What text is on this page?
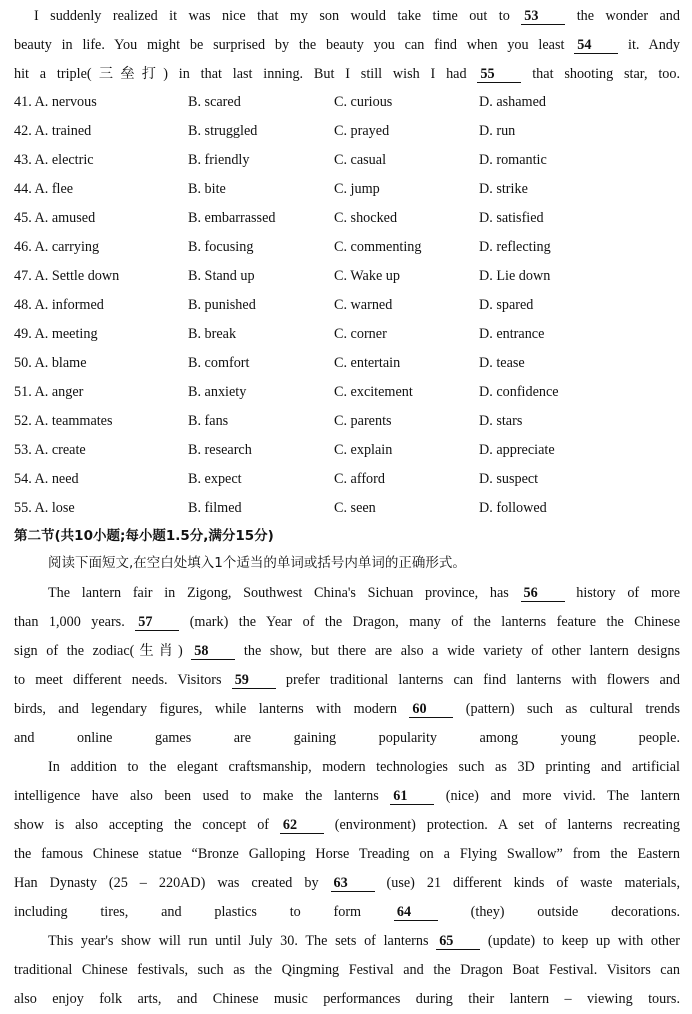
I suddenly realized it was nice that my son would take time out to 53	the wonder and
beauty in life. You might be surprised by the beauty you can find when you least 54	it. Andy
hit a triple(三垒打) in that last inning. But I still wish I had 55	that shooting star, too.
41. A. nervous	B. scared	C. curious	D. ashamed
42. A. trained	B. struggled	C. prayed	D. run
43. A. electric	B. friendly	C. casual	D. romantic
44. A. flee	B. bite	C. jump	D. strike
45. A. amused	B. embarrassed	C. shocked	D. satisfied
46. A. carrying	B. focusing	C. commenting	D. reflecting
47. A. Settle down	B. Stand up	C. Wake up	D. Lie down
48. A. informed	B. punished	C. warned	D. spared
49. A. meeting	B. break	C. corner	D. entrance
50. A. blame	B. comfort	C. entertain	D. tease
51. A. anger	B. anxiety	C. excitement	D. confidence
52. A. teammates	B. fans	C. parents	D. stars
53. A. create	B. research	C. explain	D. appreciate
54. A. need	B. expect	C. afford	D. suspect
55. A. lose	B. filmed	C. seen	D. followed
第二节(共10小题;每小题1.5分,满分15分)
阅读下面短文,在空白处填入1个适当的单词或括号内单词的正确形式。
The lantern fair in Zigong, Southwest China's Sichuan province, has 56	history of more
than 1,000 years. 57	(mark) the Year of the Dragon, many of the lanterns feature the Chinese
sign of the zodiac(生肖) 58 the show, but there are also a wide variety of other lantern designs
to meet different needs. Visitors 59	prefer traditional lanterns can find lanterns with flowers and
birds, and legendary figures, while lanterns with modern 60	(pattern) such as cultural trends
and online games are gaining popularity among young people.
In addition to the elegant craftsmanship, modern technologies such as 3D printing and artificial
intelligence have also been used to make the lanterns 61	(nice) and more vivid. The lantern
show is also accepting the concept of 62	(environment) protection. A set of lanterns recreating
the famous Chinese statue “Bronze Galloping Horse Treading on a Flying Swallow” from the Eastern
Han Dynasty (25 – 220AD) was created by 63	(use) 21 different kinds of waste materials,
including tires, and plastics to form 64	(they) outside decorations.
This year's show will run until July 30. The sets of lanterns 65 (update) to keep up with other
traditional Chinese festivals, such as the Qingming Festival and the Dragon Boat Festival. Visitors can
also enjoy folk arts, and Chinese music performances during their lantern – viewing tours.
